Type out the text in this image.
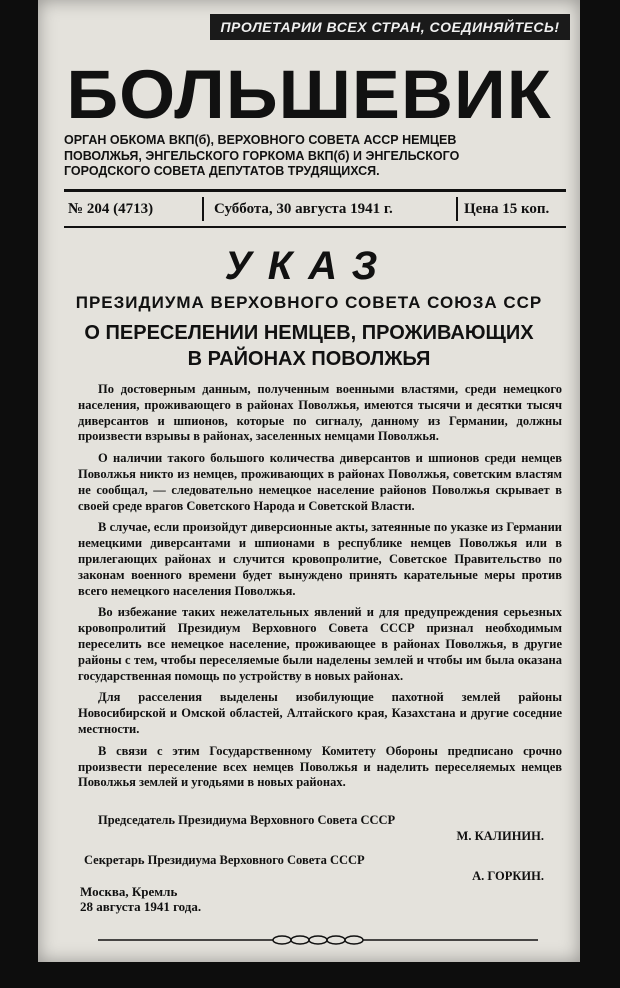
ПРОЛЕТАРИИ ВСЕХ СТРАН, СОЕДИНЯЙТЕСЬ!
БОЛЬШЕВИК
ОРГАН ОБКОМА ВКП(б), ВЕРХОВНОГО СОВЕТА АССР НЕМЦЕВ
ПОВОЛЖЬЯ, ЭНГЕЛЬСКОГО ГОРКОМА ВКП(б) И ЭНГЕЛЬСКОГО
ГОРОДСКОГО СОВЕТА ДЕПУТАТОВ ТРУДЯЩИХСЯ.
№ 204 (4713)	Суббота, 30 августа 1941 г.	Цена 15 коп.
УКАЗ
ПРЕЗИДИУМА ВЕРХОВНОГО СОВЕТА СОЮЗА ССР
О ПЕРЕСЕЛЕНИИ НЕМЦЕВ, ПРОЖИВАЮЩИХ
В РАЙОНАХ ПОВОЛЖЬЯ

По достоверным данным, полученным военными властями, среди немецкого населения, проживающего в районах Поволжья, имеются тысячи и десятки тысяч диверсантов и шпионов, которые по сигналу, данному из Германии, должны произвести взрывы в районах, заселенных немцами Поволжья.

О наличии такого большого количества диверсантов и шпионов среди немцев Поволжья никто из немцев, проживающих в районах Поволжья, советским властям не сообщал, — следовательно немецкое население районов Поволжья скрывает в своей среде врагов Советского Народа и Советской Власти.

В случае, если произойдут диверсионные акты, затеянные по указке из Германии немецкими диверсантами и шпионами в республике немцев Поволжья или в прилегающих районах и случится кровопролитие, Советское Правительство по законам военного времени будет вынуждено принять карательные меры против всего немецкого населения Поволжья.

Во избежание таких нежелательных явлений и для предупреждения серьезных кровопролитий Президиум Верховного Совета СССР признал необходимым переселить все немецкое население, проживающее в районах Поволжья, в другие районы с тем, чтобы переселяемые были наделены землей и чтобы им была оказана государственная помощь по устройству в новых районах.

Для расселения выделены изобилующие пахотной землей районы Новосибирской и Омской областей, Алтайского края, Казахстана и другие соседние местности.

В связи с этим Государственному Комитету Обороны предписано срочно произвести переселение всех немцев Поволжья и наделить переселяемых немцев Поволжья землей и угодьями в новых районах.

Председатель Президиума Верховного Совета СССР
М. КАЛИНИН.
Секретарь Президиума Верховного Совета СССР
А. ГОРКИН.
Москва, Кремль
28 августа 1941 года.
